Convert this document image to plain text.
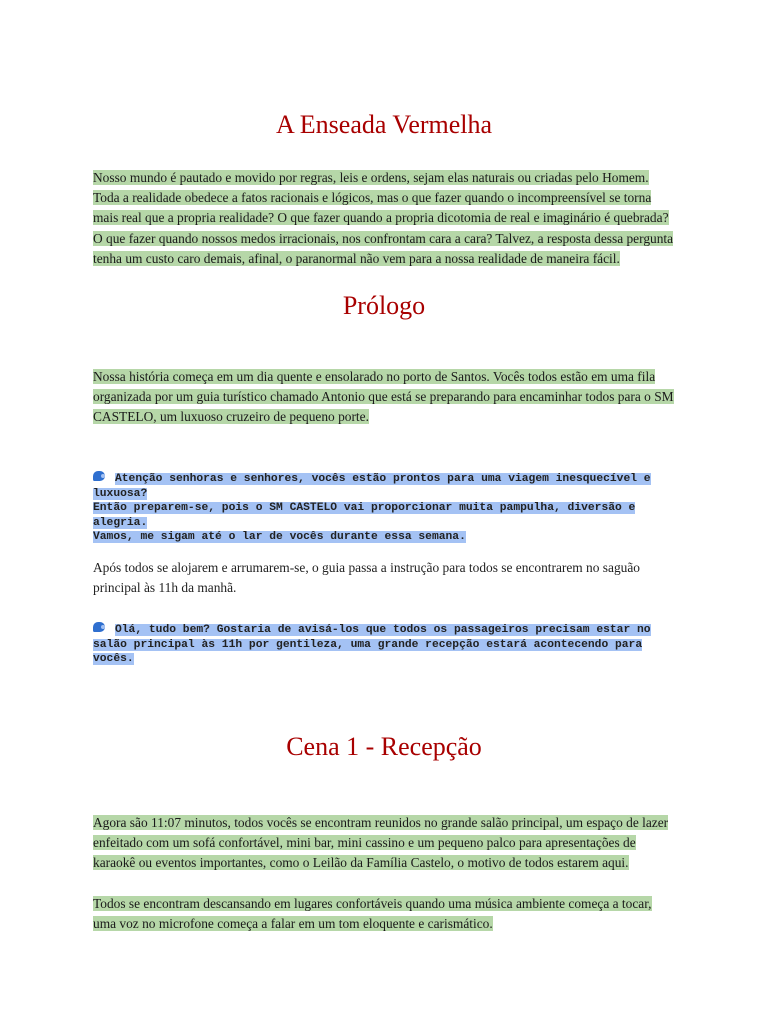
A Enseada Vermelha

Nosso mundo é pautado e movido por regras, leis e ordens, sejam elas naturais ou criadas pelo Homem. Toda a realidade obedece a fatos racionais e lógicos, mas o que fazer quando o incompreensível se torna mais real que a propria realidade? O que fazer quando a propria dicotomia de real e imaginário é quebrada? O que fazer quando nossos medos irracionais, nos confrontam cara a cara? Talvez, a resposta dessa pergunta tenha um custo caro demais, afinal, o paranormal não vem para a nossa realidade de maneira fácil.

Prólogo

Nossa história começa em um dia quente e ensolarado no porto de Santos. Vocês todos estão em uma fila organizada por um guia turístico chamado Antonio que está se preparando para encaminhar todos para o SM CASTELO, um luxuoso cruzeiro de pequeno porte.

Atenção senhoras e senhores, vocês estão prontos para uma viagem inesquecível e luxuosa?
Então preparem-se, pois o SM CASTELO vai proporcionar muita pampulha, diversão e alegria.
Vamos, me sigam até o lar de vocês durante essa semana.

Após todos se alojarem e arrumarem-se, o guia passa a instrução para todos se encontrarem no saguão principal às 11h da manhã.

Olá, tudo bem? Gostaria de avisá-los que todos os passageiros precisam estar no salão principal às 11h por gentileza, uma grande recepção estará acontecendo para vocês.
Cena 1 - Recepção

Agora são 11:07 minutos, todos vocês se encontram reunidos no grande salão principal, um espaço de lazer enfeitado com um sofá confortável, mini bar, mini cassino e um pequeno palco para apresentações de karaokê ou eventos importantes, como o Leilão da Família Castelo, o motivo de todos estarem aqui.

Todos se encontram descansando em lugares confortáveis quando uma música ambiente começa a tocar, uma voz no microfone começa a falar em um tom eloquente e carismático.
